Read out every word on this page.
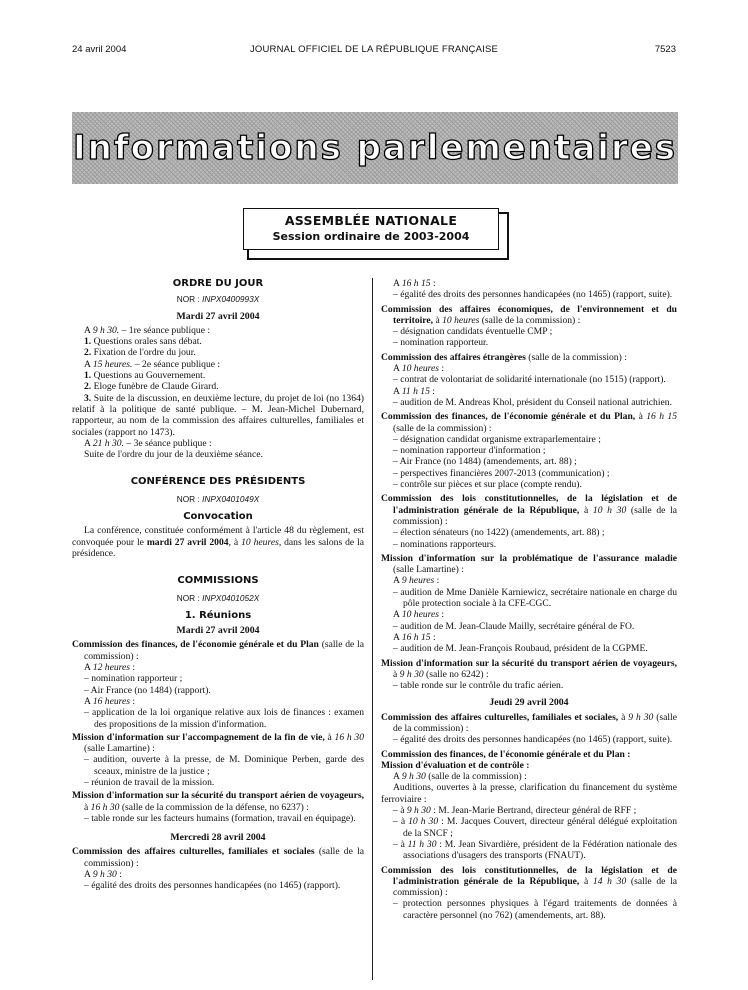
24 avril 2004	JOURNAL OFFICIEL DE LA RÉPUBLIQUE FRANÇAISE	7523
Informations parlementaires
ASSEMBLÉE NATIONALE
Session ordinaire de 2003-2004

ORDRE DU JOUR

NOR : INPX0400993X

Mardi 27 avril 2004

A 9 h 30. – 1re séance publique :

1. Questions orales sans débat.

2. Fixation de l'ordre du jour.

A 15 heures. – 2e séance publique :

1. Questions au Gouvernement.

2. Eloge funèbre de Claude Girard.

3. Suite de la discussion, en deuxième lecture, du projet de loi (no 1364) relatif à la politique de santé publique. – M. Jean-Michel Dubernard, rapporteur, au nom de la commission des affaires culturelles, familiales et sociales (rapport no 1473).

A 21 h 30. – 3e séance publique :

Suite de l'ordre du jour de la deuxième séance.

CONFÉRENCE DES PRÉSIDENTS

NOR : INPX0401049X

Convocation

La conférence, constituée conformément à l'article 48 du règlement, est convoquée pour le mardi 27 avril 2004, à 10 heures, dans les salons de la présidence.

COMMISSIONS

NOR : INPX0401052X

1. Réunions

Mardi 27 avril 2004

Commission des finances, de l'économie générale et du Plan (salle de la commission) :

A 12 heures :

– nomination rapporteur ;

– Air France (no 1484) (rapport).

A 16 heures :

– application de la loi organique relative aux lois de finances : examen des propositions de la mission d'information.

Mission d'information sur l'accompagnement de la fin de vie, à 16 h 30 (salle Lamartine) :

– audition, ouverte à la presse, de M. Dominique Perben, garde des sceaux, ministre de la justice ;

– réunion de travail de la mission.

Mission d'information sur la sécurité du transport aérien de voyageurs, à 16 h 30 (salle de la commission de la défense, no 6237) :

– table ronde sur les facteurs humains (formation, travail en équipage).

Mercredi 28 avril 2004

Commission des affaires culturelles, familiales et sociales (salle de la commission) :

A 9 h 30 :

– égalité des droits des personnes handicapées (no 1465) (rapport).

A 16 h 15 :

– égalité des droits des personnes handicapées (no 1465) (rapport, suite).

Commission des affaires économiques, de l'environnement et du territoire, à 10 heures (salle de la commission) :

– désignation candidats éventuelle CMP ;

– nomination rapporteur.

Commission des affaires étrangères (salle de la commission) :

A 10 heures :

– contrat de volontariat de solidarité internationale (no 1515) (rapport).

A 11 h 15 :

– audition de M. Andreas Khol, président du Conseil national autrichien.

Commission des finances, de l'économie générale et du Plan, à 16 h 15 (salle de la commission) :

– désignation candidat organisme extraparlementaire ;

– nomination rapporteur d'information ;

– Air France (no 1484) (amendements, art. 88) ;

– perspectives financières 2007-2013 (communication) ;

– contrôle sur pièces et sur place (compte rendu).

Commission des lois constitutionnelles, de la législation et de l'administration générale de la République, à 10 h 30 (salle de la commission) :

– élection sénateurs (no 1422) (amendements, art. 88) ;

– nominations rapporteurs.

Mission d'information sur la problématique de l'assurance maladie (salle Lamartine) :

A 9 heures :

– audition de Mme Danièle Karniewicz, secrétaire nationale en charge du pôle protection sociale à la CFE-CGC.

A 10 heures :

– audition de M. Jean-Claude Mailly, secrétaire général de FO.

A 16 h 15 :

– audition de M. Jean-François Roubaud, président de la CGPME.

Mission d'information sur la sécurité du transport aérien de voyageurs, à 9 h 30 (salle no 6242) :

– table ronde sur le contrôle du trafic aérien.

Jeudi 29 avril 2004

Commission des affaires culturelles, familiales et sociales, à 9 h 30 (salle de la commission) :

– égalité des droits des personnes handicapées (no 1465) (rapport, suite).

Commission des finances, de l'économie générale et du Plan :

Mission d'évaluation et de contrôle :

A 9 h 30 (salle de la commission) :

Auditions, ouvertes à la presse, clarification du financement du système ferroviaire :

– à 9 h 30 : M. Jean-Marie Bertrand, directeur général de RFF ;

– à 10 h 30 : M. Jacques Couvert, directeur général délégué exploitation de la SNCF ;

– à 11 h 30 : M. Jean Sivardière, président de la Fédération nationale des associations d'usagers des transports (FNAUT).

Commission des lois constitutionnelles, de la législation et de l'administration générale de la République, à 14 h 30 (salle de la commission) :

– protection personnes physiques à l'égard traitements de données à caractère personnel (no 762) (amendements, art. 88).
